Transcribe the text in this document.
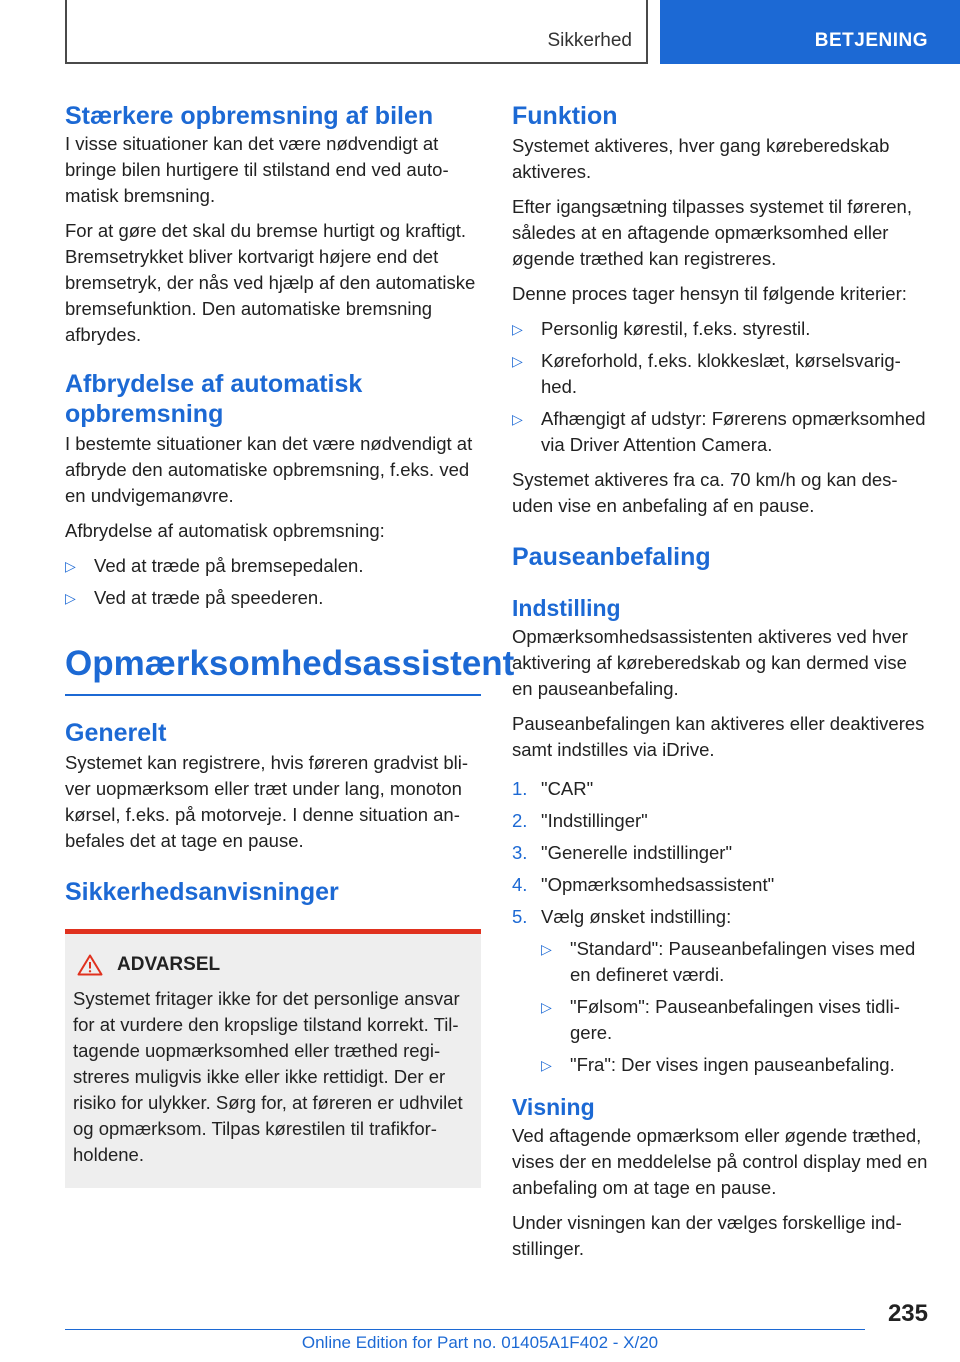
Sikkerhed	BETJENING
Stærkere opbremsning af bilen

I visse situationer kan det være nødvendigt at bringe bilen hurtigere til stilstand end ved automatisk bremsning.

For at gøre det skal du bremse hurtigt og kraftigt. Bremsetrykket bliver kortvarigt højere end det bremsetryk, der nås ved hjælp af den automatiske bremsefunktion. Den automatiske bremsning afbrydes.

Afbrydelse af automatisk opbremsning

I bestemte situationer kan det være nødvendigt at afbryde den automatiske opbremsning, f.eks. ved en undvigemanøvre.

Afbrydelse af automatisk opbremsning:

▷ Ved at træde på bremsepedalen.
▷ Ved at træde på speederen.
Opmærksomhedsassistent
Generelt

Systemet kan registrere, hvis føreren gradvist bliver uopmærksom eller træt under lang, monoton kørsel, f.eks. på motorveje. I denne situation anbefales det at tage en pause.

Sikkerhedsanvisninger
ADVARSEL

Systemet fritager ikke for det personlige ansvar for at vurdere den kropslige tilstand korrekt. Tiltagende uopmærksomhed eller træthed registreres muligvis ikke eller ikke rettidigt. Der er risiko for ulykker. Sørg for, at føreren er udhvilet og opmærksom. Tilpas kørestilen til trafikforholdene.

Funktion

Systemet aktiveres, hver gang køreberedskab aktiveres.

Efter igangsætning tilpasses systemet til føreren, således at en aftagende opmærksomhed eller øgende træthed kan registreres.

Denne proces tager hensyn til følgende kriterier:

▷ Personlig kørestil, f.eks. styrestil.
▷ Køreforhold, f.eks. klokkeslæt, kørselsvarighed.
▷ Afhængigt af udstyr: Førerens opmærksomhed via Driver Attention Camera.

Systemet aktiveres fra ca. 70 km/h og kan desuden vise en anbefaling af en pause.

Pauseanbefaling
Indstilling

Opmærksomhedsassistenten aktiveres ved hver aktivering af køreberedskab og kan dermed vise en pauseanbefaling.

Pauseanbefalingen kan aktiveres eller deaktiveres samt indstilles via iDrive.

1. "CAR"
2. "Indstillinger"
3. "Generelle indstillinger"
4. "Opmærksomhedsassistent"
5. Vælg ønsket indstilling:
▷ "Standard": Pauseanbefalingen vises med en defineret værdi.
▷ "Følsom": Pauseanbefalingen vises tidligere.
▷ "Fra": Der vises ingen pauseanbefaling.
Visning

Ved aftagende opmærksom eller øgende træthed, vises der en meddelelse på control display med en anbefaling om at tage en pause.

Under visningen kan der vælges forskellige indstillinger.

235
Online Edition for Part no. 01405A1F402 - X/20
